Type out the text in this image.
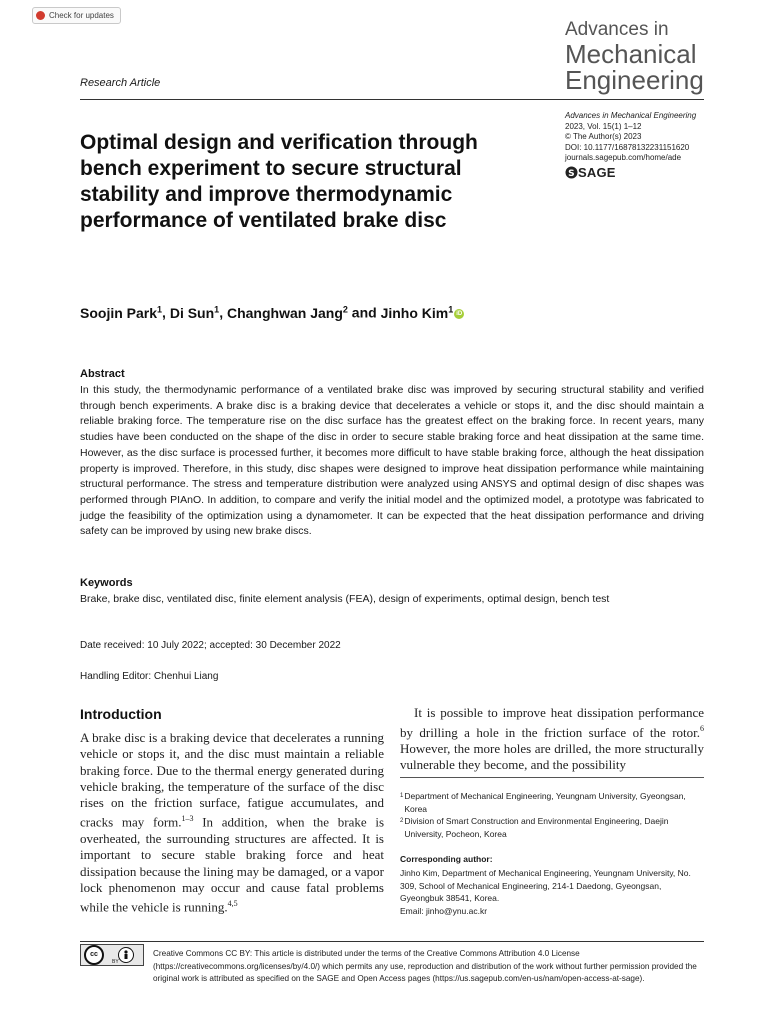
Check for updates
Advances in
Mechanical
Engineering
Research Article
Advances in Mechanical Engineering
2023, Vol. 15(1) 1–12
© The Author(s) 2023
DOI: 10.1177/16878132231151620
journals.sagepub.com/home/ade
S SAGE
Optimal design and verification through bench experiment to secure structural stability and improve thermodynamic performance of ventilated brake disc
Soojin Park$^1$, Di Sun$^1$, Changhwan Jang$^2$ and Jinho Kim$^1$ iD
Abstract
In this study, the thermodynamic performance of a ventilated brake disc was improved by securing structural stability and verified through bench experiments. A brake disc is a braking device that decelerates a vehicle or stops it, and the disc should maintain a reliable braking force. The temperature rise on the disc surface has the greatest effect on the braking force. In recent years, many studies have been conducted on the shape of the disc in order to secure stable braking force and heat dissipation at the same time. However, as the disc surface is processed further, it becomes more difficult to have stable braking force, although the heat dissipation property is improved. Therefore, in this study, disc shapes were designed to improve heat dissipation performance while maintaining structural performance. The stress and temperature distribution were analyzed using ANSYS and optimal design of disc shapes was performed through PIAnO. In addition, to compare and verify the initial model and the optimized model, a prototype was fabricated to judge the feasibility of the optimization using a dynamometer. It can be expected that the heat dissipation performance and driving safety can be improved by using new brake discs.
Keywords
Brake, brake disc, ventilated disc, finite element analysis (FEA), design of experiments, optimal design, bench test
Date received: 10 July 2022; accepted: 30 December 2022
Handling Editor: Chenhui Liang
Introduction
A brake disc is a braking device that decelerates a running vehicle or stops it, and the disc must maintain a reliable braking force. Due to the thermal energy generated during vehicle braking, the temperature of the surface of the disc rises on the friction surface, fatigue accumulates, and cracks may form.$^{1-3}$ In addition, when the brake is overheated, the surrounding structures are affected. It is important to secure stable braking force and heat dissipation because the lining may be damaged, or a vapor lock phenomenon may occur and cause fatal problems while the vehicle is running.$^{4,5}$
It is possible to improve heat dissipation performance by drilling a hole in the friction surface of the rotor.$^6$ However, the more holes are drilled, the more structurally vulnerable they become, and the possibility
1 Department of Mechanical Engineering, Yeungnam University, Gyeongsan, Korea
2 Division of Smart Construction and Environmental Engineering, Daejin University, Pocheon, Korea
Corresponding author:
Jinho Kim, Department of Mechanical Engineering, Yeungnam University, No. 309, School of Mechanical Engineering, 214-1 Daedong, Gyeongsan, Gyeongbuk 38541, Korea.
Email: jinho@ynu.ac.kr
cc
BY
Creative Commons CC BY: This article is distributed under the terms of the Creative Commons Attribution 4.0 License (https://creativecommons.org/licenses/by/4.0/) which permits any use, reproduction and distribution of the work without further permission provided the original work is attributed as specified on the SAGE and Open Access pages (https://us.sagepub.com/en-us/nam/open-access-at-sage).
